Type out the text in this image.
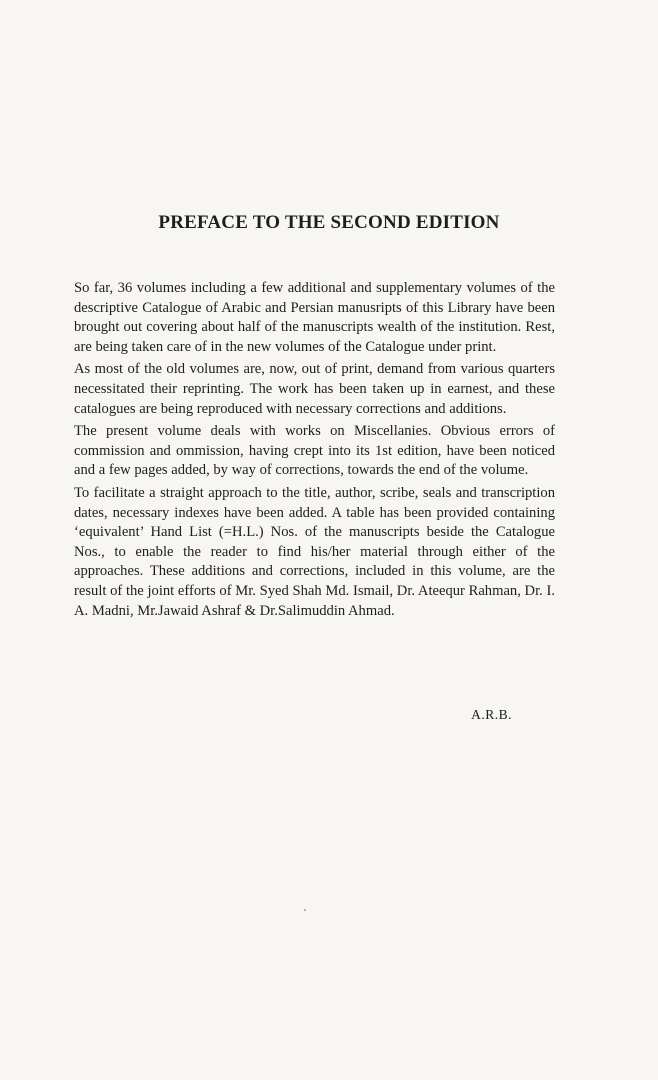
PREFACE TO THE SECOND EDITION

So far, 36 volumes including a few additional and supplementary volumes of the descriptive Catalogue of Arabic and Persian manusripts of this Library have been brought out covering about half of the manuscripts wealth of the institution. Rest, are being taken care of in the new volumes of the Catalogue under print.

As most of the old volumes are, now, out of print, demand from various quarters necessitated their reprinting. The work has been taken up in earnest, and these catalogues are being reproduced with necessary corrections and additions.

The present volume deals with works on Miscellanies. Obvious errors of commission and ommission, having crept into its 1st edition, have been noticed and a few pages added, by way of corrections, towards the end of the volume.

To facilitate a straight approach to the title, author, scribe, seals and transcription dates, necessary indexes have been added. A table has been provided containing ‘equivalent’ Hand List (=H.L.) Nos. of the manuscripts beside the Catalogue Nos., to enable the reader to find his/her material through either of the approaches. These additions and corrections, included in this volume, are the result of the joint efforts of Mr. Syed Shah Md. Ismail, Dr. Ateequr Rahman, Dr. I. A. Madni, Mr.Jawaid Ashraf & Dr.Salimuddin Ahmad.

A.R.B.
